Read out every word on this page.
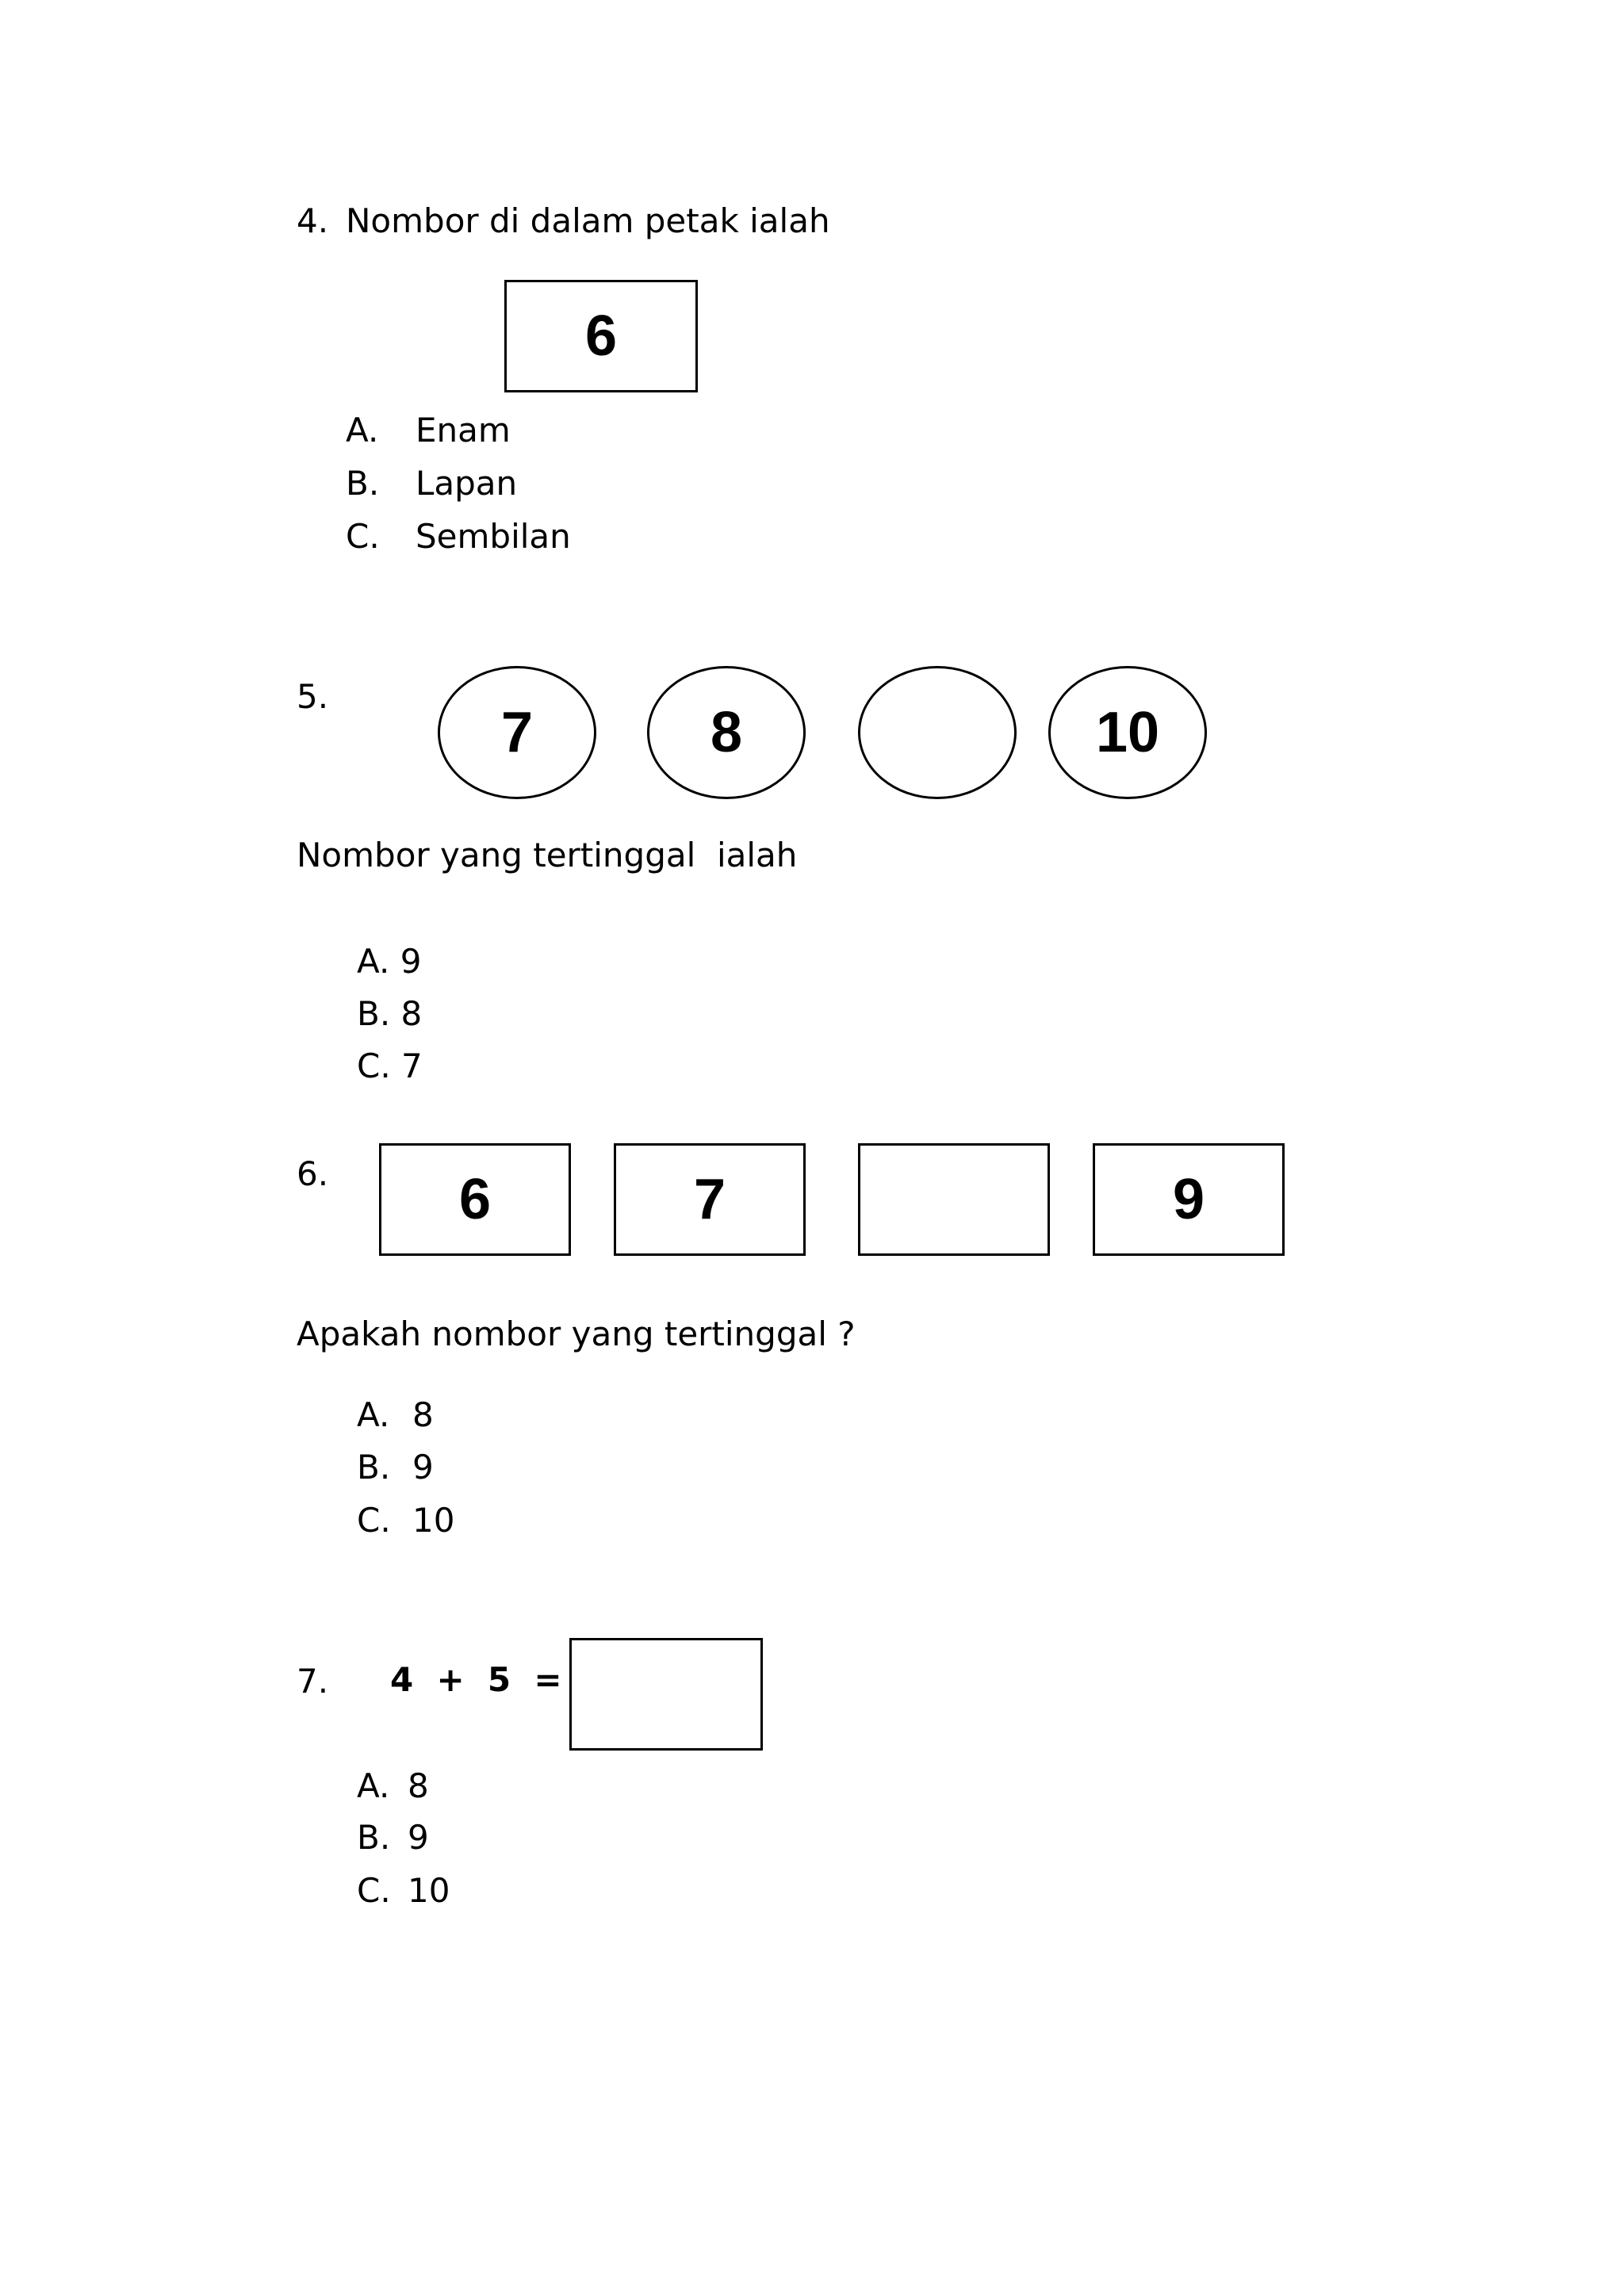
4. Nombor di dalam petak ialah
6
A. Enam
B. Lapan
C. Sembilan
5.
7	8	10
Nombor yang tertinggal  ialah
A. 9
B. 8
C. 7
6.	6	7	9
Apakah nombor yang tertinggal ?
A. 8
B. 9
C. 10
7. 4  +  5  =
A. 8
B. 9
C. 10
